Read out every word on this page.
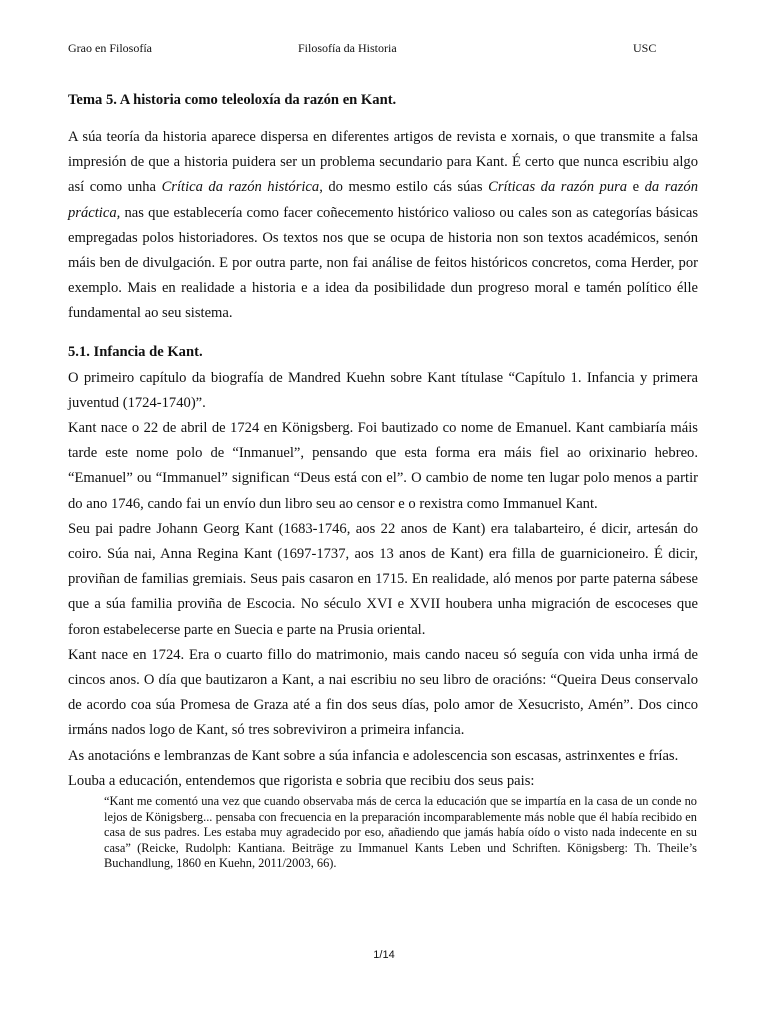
Grao en Filosofía	Filosofía da Historia	USC

Tema 5. A historia como teleoloxía da razón en Kant.

A súa teoría da historia aparece dispersa en diferentes artigos de revista e xornais, o que transmite a falsa impresión de que a historia puidera ser un problema secundario para Kant. É certo que nunca escribiu algo así como unha Crítica da razón histórica, do mesmo estilo cás súas Críticas da razón pura e da razón práctica, nas que establecería como facer coñecemento histórico valioso ou cales son as categorías básicas empregadas polos historiadores. Os textos nos que se ocupa de historia non son textos académicos, senón máis ben de divulgación. E por outra parte, non fai análise de feitos históricos concretos, coma Herder, por exemplo. Mais en realidade a historia e a idea da posibilidade dun progreso moral e tamén político élle fundamental ao seu sistema.

5.1. Infancia de Kant.

O primeiro capítulo da biografía de Mandred Kuehn sobre Kant títulase “Capítulo 1. Infancia y primera juventud (1724-1740)”.

Kant nace o 22 de abril de 1724 en Königsberg. Foi bautizado co nome de Emanuel. Kant cambiaría máis tarde este nome polo de “Inmanuel”, pensando que esta forma era máis fiel ao orixinario hebreo. “Emanuel” ou “Immanuel” significan “Deus está con el”. O cambio de nome ten lugar polo menos a partir do ano 1746, cando fai un envío dun libro seu ao censor e o rexistra como Immanuel Kant.

Seu pai padre Johann Georg Kant (1683-1746, aos 22 anos de Kant) era talabarteiro, é dicir, artesán do coiro. Súa nai, Anna Regina Kant (1697-1737, aos 13 anos de Kant) era filla de guarnicioneiro. É dicir, proviñan de familias gremiais. Seus pais casaron en 1715. En realidade, aló menos por parte paterna sábese que a súa familia proviña de Escocia. No século XVI e XVII houbera unha migración de escoceses que foron estabelecerse parte en Suecia e parte na Prusia oriental.

Kant nace en 1724. Era o cuarto fillo do matrimonio, mais cando naceu só seguía con vida unha irmá de cincos anos. O día que bautizaron a Kant, a nai escribiu no seu libro de oracións: “Queira Deus conservalo de acordo coa súa Promesa de Graza até a fin dos seus días, polo amor de Xesucristo, Amén”. Dos cinco irmáns nados logo de Kant, só tres sobreviviron a primeira infancia.

As anotacións e lembranzas de Kant sobre a súa infancia e adolescencia son escasas, astrinxentes e frías.

Louba a educación, entendemos que rigorista e sobria que recibiu dos seus pais:

“Kant me comentó una vez que cuando observaba más de cerca la educación que se impartía en la casa de un conde no lejos de Königsberg... pensaba con frecuencia en la preparación incomparablemente más noble que él había recibido en casa de sus padres. Les estaba muy agradecido por eso, añadiendo que jamás había oído o visto nada indecente en su casa” (Reicke, Rudolph: Kantiana. Beiträge zu Immanuel Kants Leben und Schriften. Königsberg: Th. Theile’s Buchandlung, 1860 en Kuehn, 2011/2003, 66).

1/14
